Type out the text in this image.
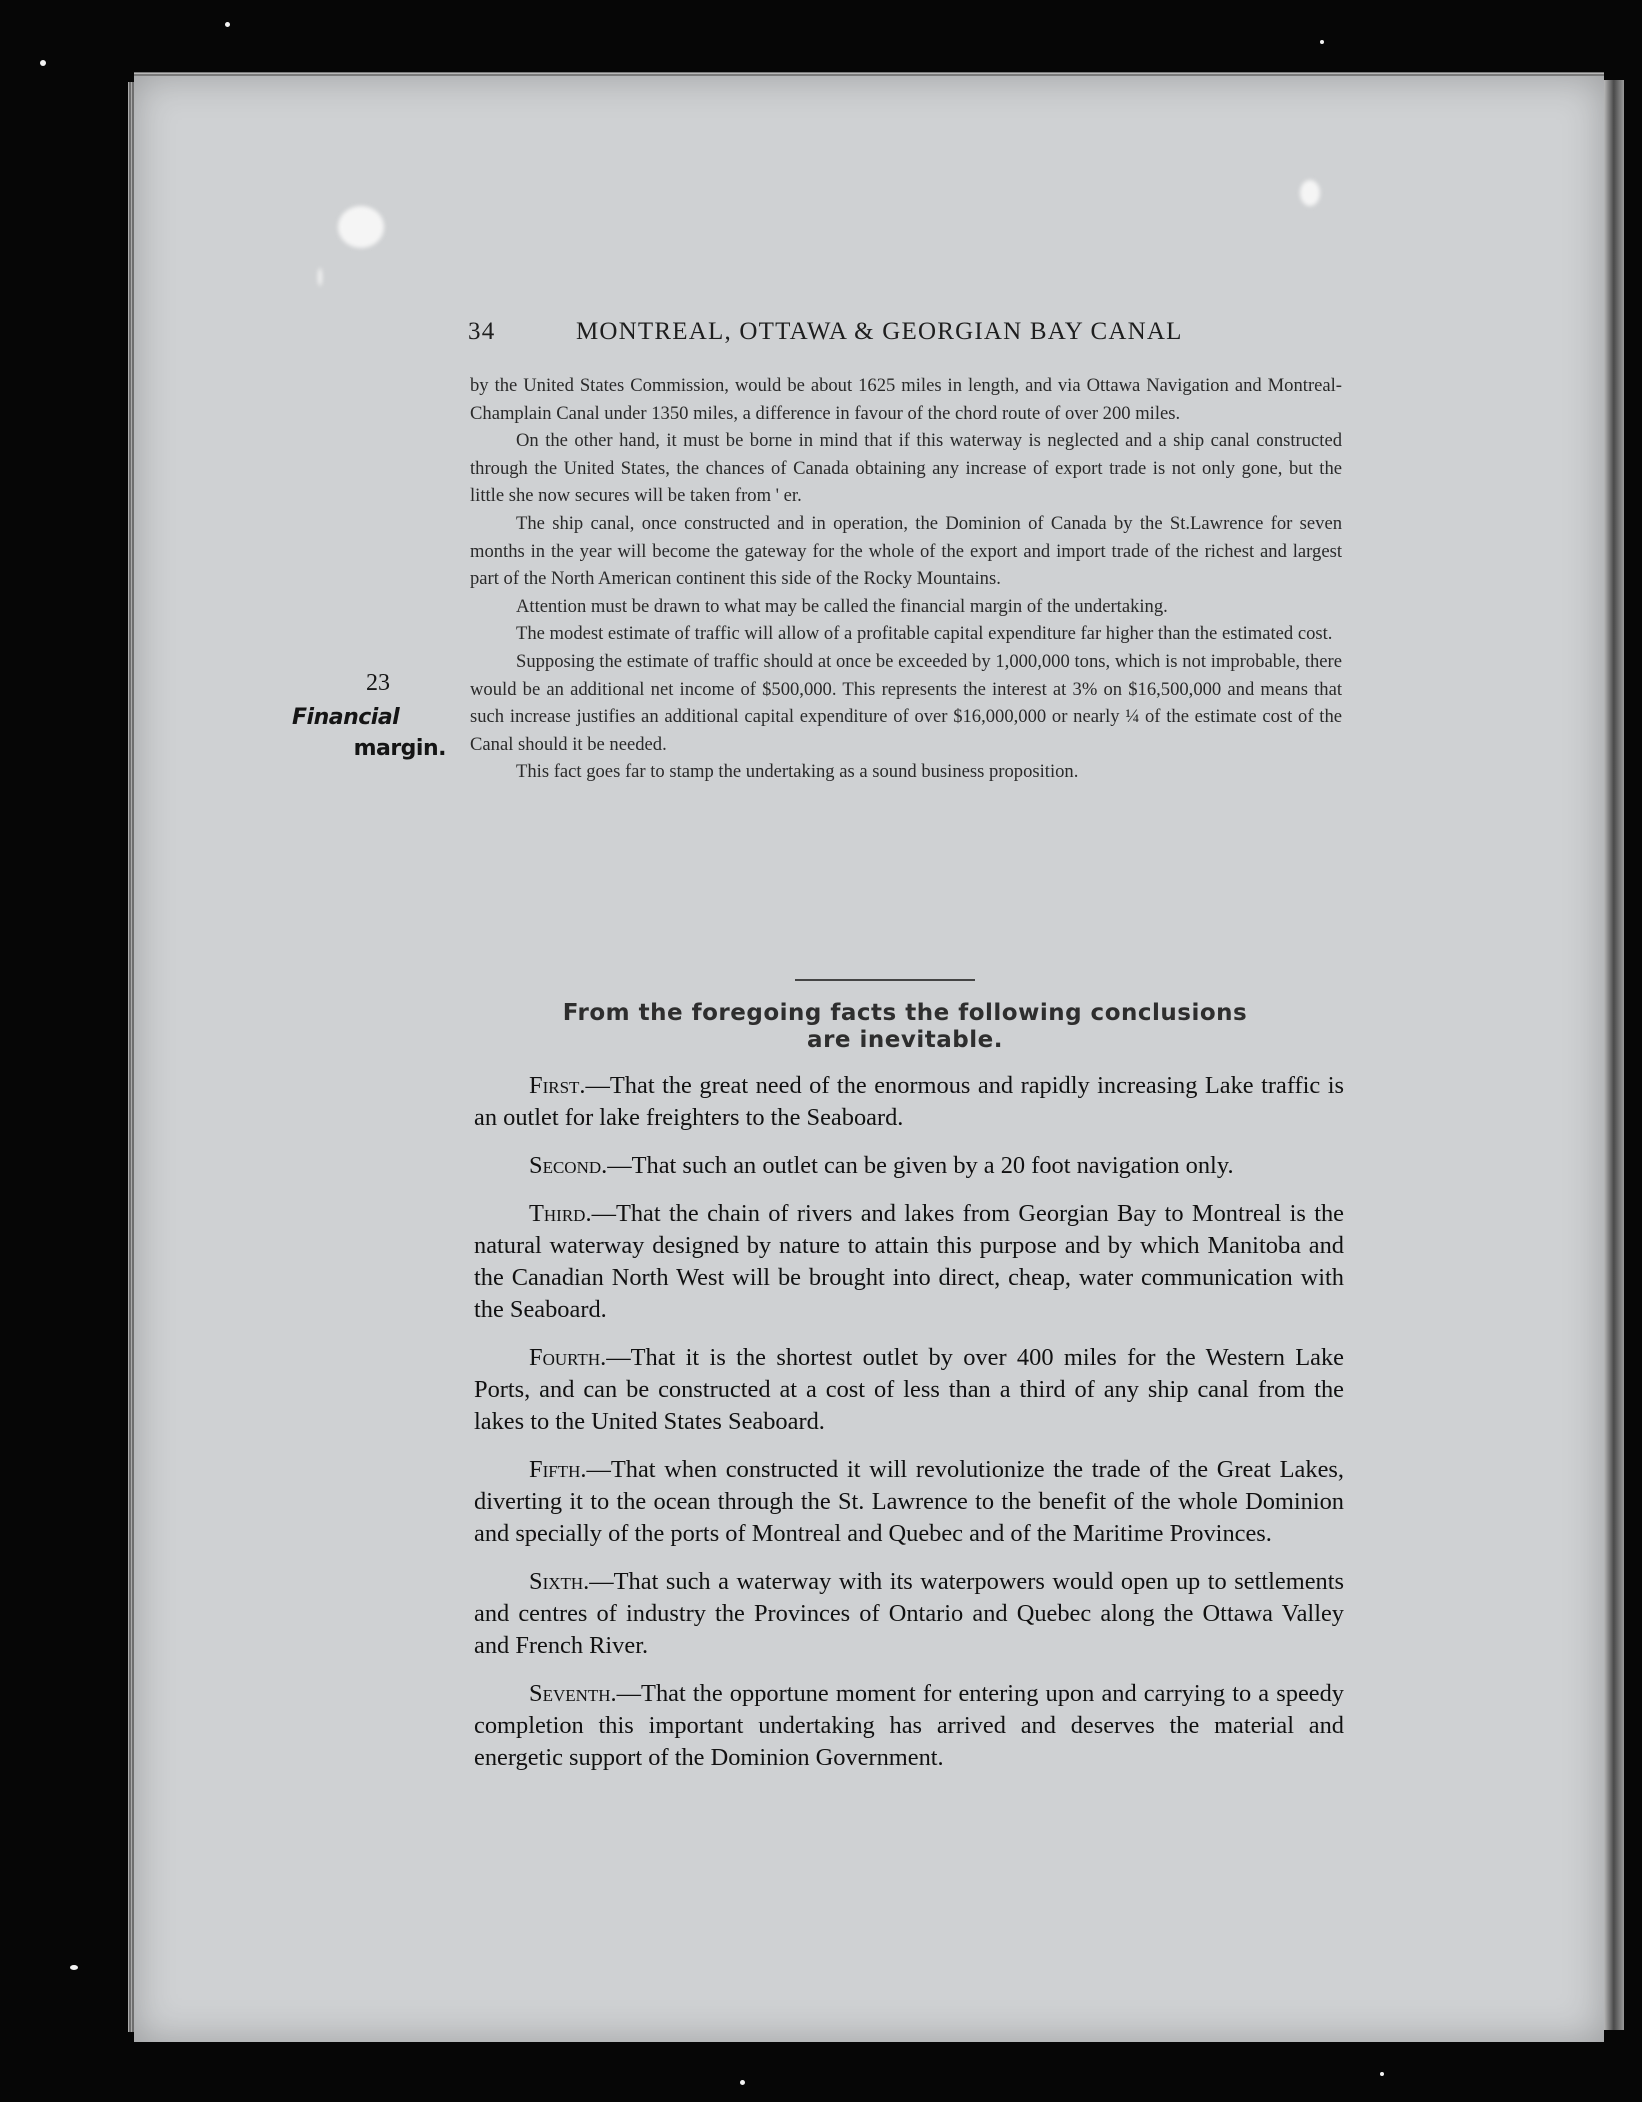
34	MONTREAL, OTTAWA & GEORGIAN BAY CANAL
23
Financial
margin.

by the United States Commission, would be about 1625 miles in length, and via Ottawa Navigation and Montreal-Champlain Canal under 1350 miles, a difference in favour of the chord route of over 200 miles.

On the other hand, it must be borne in mind that if this waterway is neglected and a ship canal constructed through the United States, the chances of Canada obtaining any increase of export trade is not only gone, but the little she now secures will be taken from ' er.

The ship canal, once constructed and in operation, the Dominion of Canada by the St.Lawrence for seven months in the year will become the gateway for the whole of the export and import trade of the richest and largest part of the North American continent this side of the Rocky Mountains.

Attention must be drawn to what may be called the financial margin of the undertaking.

The modest estimate of traffic will allow of a profitable capital expenditure far higher than the estimated cost.

Supposing the estimate of traffic should at once be exceeded by 1,000,000 tons, which is not improbable, there would be an additional net income of $500,000. This represents the interest at 3% on $16,500,000 and means that such increase justifies an additional capital expenditure of over $16,000,000 or nearly ¼ of the estimate cost of the Canal should it be needed.

This fact goes far to stamp the undertaking as a sound business proposition.

From the foregoing facts the following conclusions
are inevitable.

First.—That the great need of the enormous and rapidly increasing Lake traffic is an outlet for lake freighters to the Seaboard.

Second.—That such an outlet can be given by a 20 foot navigation only.

Third.—That the chain of rivers and lakes from Georgian Bay to Montreal is the natural waterway designed by nature to attain this purpose and by which Manitoba and the Canadian North West will be brought into direct, cheap, water communication with the Seaboard.

Fourth.—That it is the shortest outlet by over 400 miles for the Western Lake Ports, and can be constructed at a cost of less than a third of any ship canal from the lakes to the United States Seaboard.

Fifth.—That when constructed it will revolutionize the trade of the Great Lakes, diverting it to the ocean through the St. Lawrence to the benefit of the whole Dominion and specially of the ports of Montreal and Quebec and of the Maritime Provinces.

Sixth.—That such a waterway with its waterpowers would open up to settlements and centres of industry the Provinces of Ontario and Quebec along the Ottawa Valley and French River.

Seventh.—That the opportune moment for entering upon and carrying to a speedy completion this important undertaking has arrived and deserves the material and energetic support of the Dominion Government.
